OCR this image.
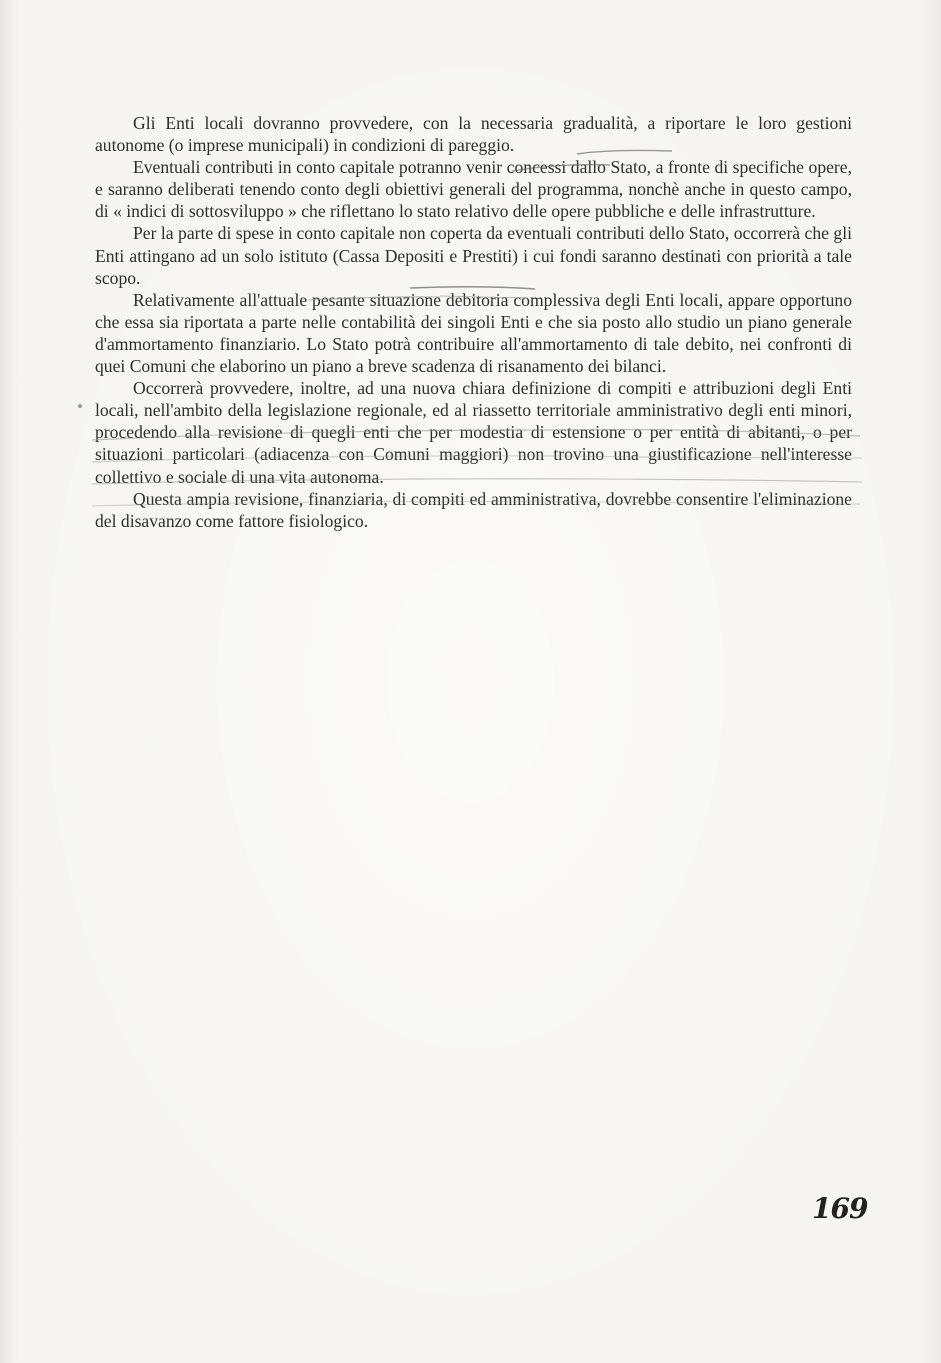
Gli Enti locali dovranno provvedere, con la necessaria gradualità, a riportare le loro gestioni autonome (o imprese municipali) in condizioni di pareggio.

Eventuali contributi in conto capitale potranno venir concessi dallo Stato, a fronte di specifiche opere, e saranno deliberati tenendo conto degli obiettivi generali del programma, nonchè anche in questo campo, di « indici di sottosviluppo » che riflettano lo stato relativo delle opere pubbliche e delle infrastrutture.

Per la parte di spese in conto capitale non coperta da eventuali contributi dello Stato, occorrerà che gli Enti attingano ad un solo istituto (Cassa Depositi e Prestiti) i cui fondi saranno destinati con priorità a tale scopo.

Relativamente all'attuale pesante situazione debitoria complessiva degli Enti locali, appare opportuno che essa sia riportata a parte nelle contabilità dei singoli Enti e che sia posto allo studio un piano generale d'ammortamento finanziario. Lo Stato potrà contribuire all'ammortamento di tale debito, nei confronti di quei Comuni che elaborino un piano a breve scadenza di risanamento dei bilanci.

Occorrerà provvedere, inoltre, ad una nuova chiara definizione di compiti e attribuzioni degli Enti locali, nell'ambito della legislazione regionale, ed al riassetto territoriale amministrativo degli enti minori, procedendo alla revisione di quegli enti che per modestia di estensione o per entità di abitanti, o per situazioni particolari (adiacenza con Comuni maggiori) non trovino una giustificazione nell'interesse collettivo e sociale di una vita autonoma.

Questa ampia revisione, finanziaria, di compiti ed amministrativa, dovrebbe consentire l'eliminazione del disavanzo come fattore fisiologico.

169
